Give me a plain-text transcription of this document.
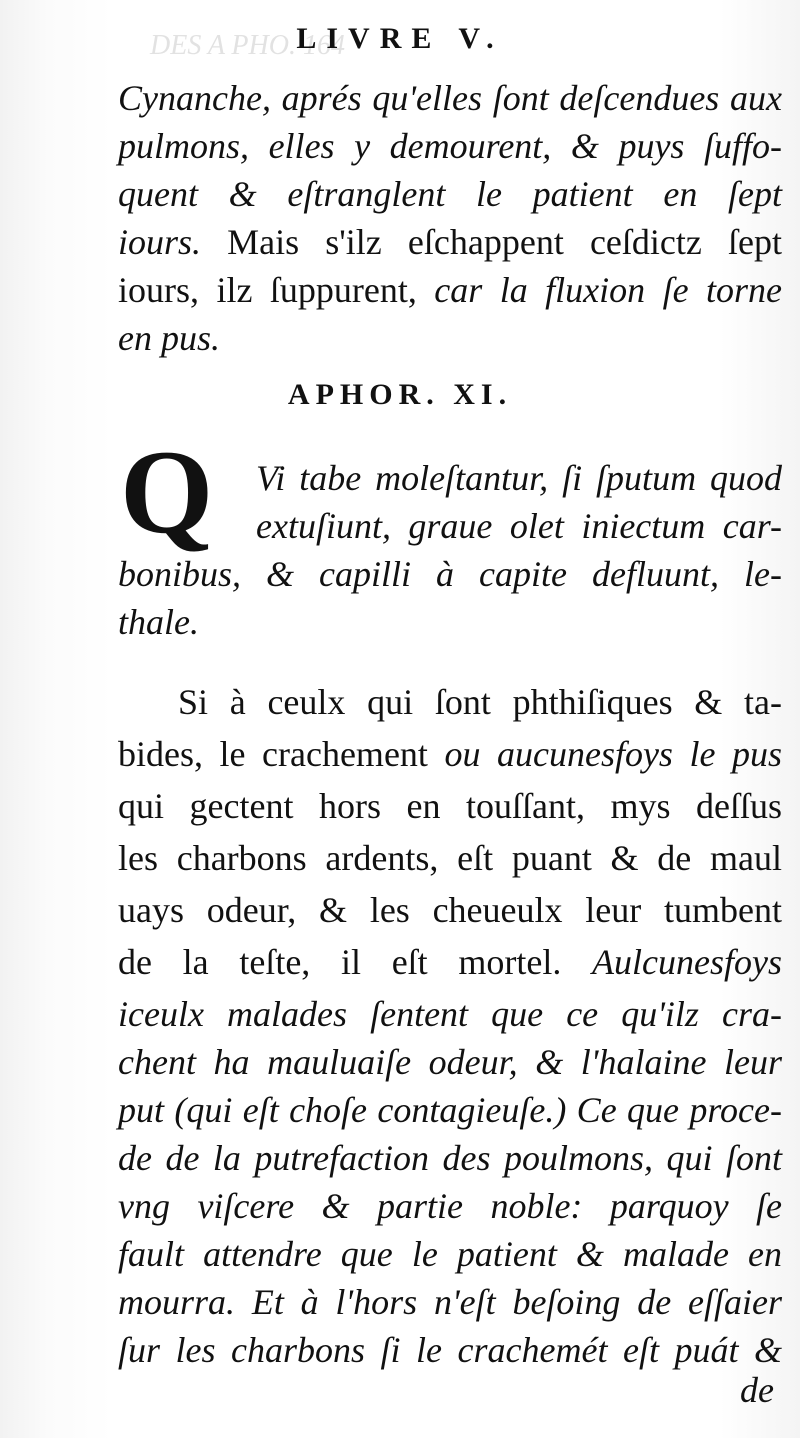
DES A PHO. 164
LIVRE V.
Cynanche, aprés qu'elles ſont deſcendues aux
pulmons, elles y demourent, & puys ſuffo-
quent & eſtranglent le patient en ſept
iours. Mais s'ilz eſchappent ceſdictz ſept
iours, ilz ſuppurent, car la fluxion ſe torne
en pus.
APHOR. XI.
Q Vi tabe moleſtantur, ſi ſputum quod
extuſiunt, graue olet iniectum car-
bonibus, & capilli à capite defluunt, le-
thale.
Si à ceulx qui ſont phthiſiques & ta-
bides, le crachement ou aucunesfoys le pus
qui gectent hors en touſſant, mys deſſus
les charbons ardents, eſt puant & de maul
uays odeur, & les cheueulx leur tumbent
de la teſte, il eſt mortel. Aulcunesfoys
iceulx malades ſentent que ce qu'ilz cra-
chent ha mauluaiſe odeur, & l'halaine leur
put (qui eſt choſe contagieuſe.) Ce que proce-
de de la putrefaction des poulmons, qui ſont
vng viſcere & partie noble: parquoy ſe
fault attendre que le patient & malade en
mourra. Et à l'hors n'eſt beſoing de eſſaier
ſur les charbons ſi le crachemét eſt puát &
de
